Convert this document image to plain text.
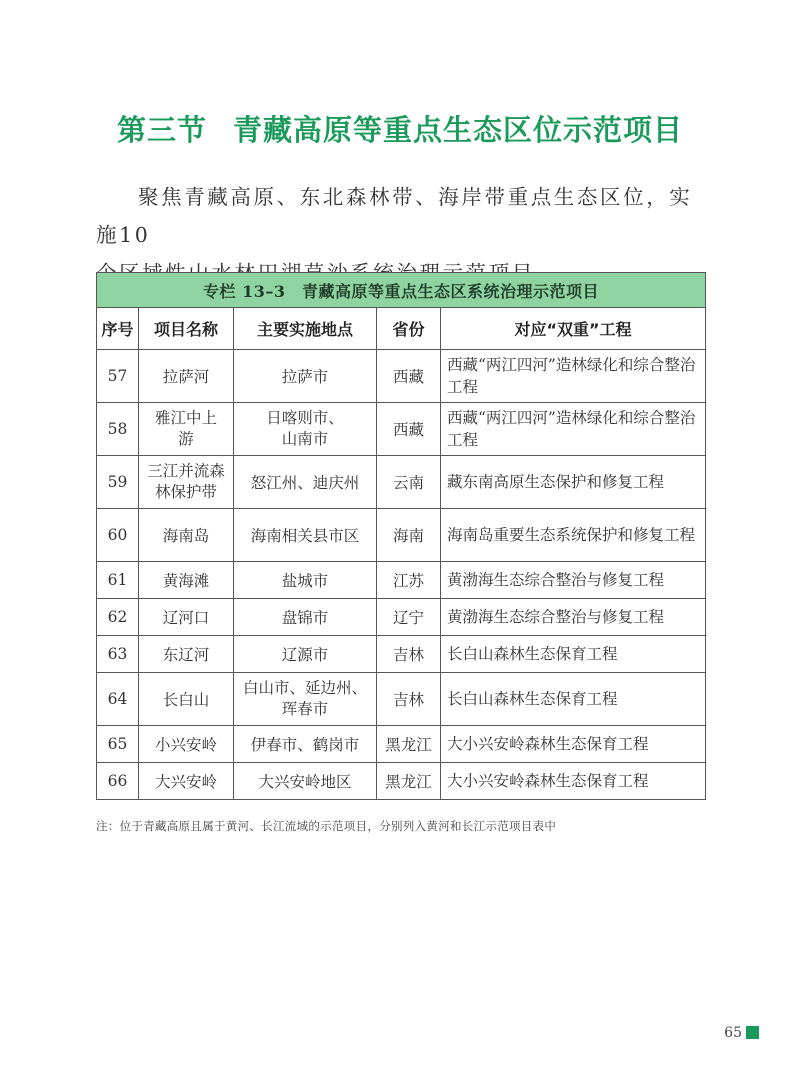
第三节 青藏高原等重点生态区位示范项目

聚焦青藏高原、东北森林带、海岸带重点生态区位，实施10

专栏 13–3　青藏高原等重点生态区系统治理示范项目				
序号	项目名称	主要实施地点	省份	对应“双重”工程
57	拉萨河	拉萨市	西藏	西藏“两江四河”造林绿化和综合整治工程
58	雅江中上游	日喀则市、山南市	西藏	西藏“两江四河”造林绿化和综合整治工程
59	三江并流森林保护带	怒江州、迪庆州	云南	藏东南高原生态保护和修复工程
60	海南岛	海南相关县市区	海南	海南岛重要生态系统保护和修复工程
61	黄海滩	盐城市	江苏	黄渤海生态综合整治与修复工程
62	辽河口	盘锦市	辽宁	黄渤海生态综合整治与修复工程
63	东辽河	辽源市	吉林	长白山森林生态保育工程
64	长白山	白山市、延边州、珲春市	吉林	长白山森林生态保育工程
65	小兴安岭	伊春市、鹤岗市	黑龙江	大小兴安岭森林生态保育工程
66	大兴安岭	大兴安岭地区	黑龙江	大小兴安岭森林生态保育工程
注：位于青藏高原且属于黄河、长江流域的示范项目，分别列入黄河和长江示范项目表中
65
